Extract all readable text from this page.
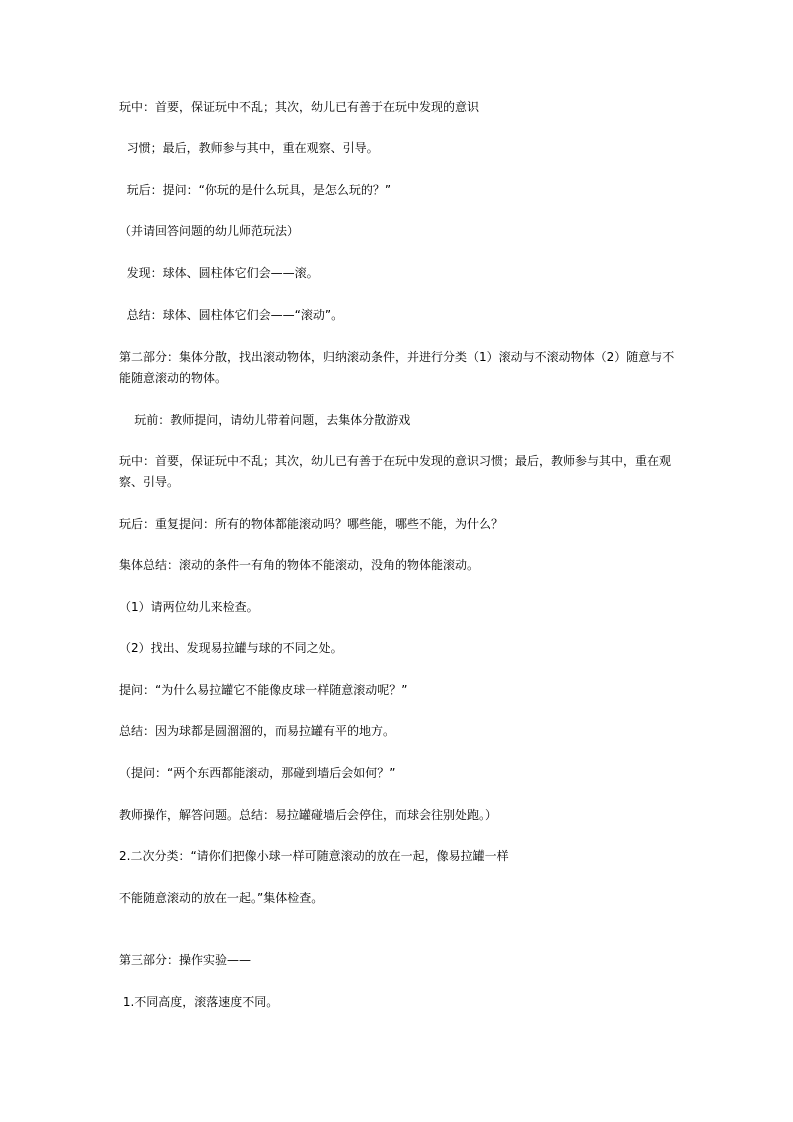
玩中：首要，保证玩中不乱；其次，幼儿已有善于在玩中发现的意识
习惯；最后，教师参与其中，重在观察、引导。
玩后：提问：“你玩的是什么玩具，是怎么玩的？”
（并请回答问题的幼儿师范玩法）
发现：球体、圆柱体它们会——滚。
总结：球体、圆柱体它们会——“滚动”。
第二部分：集体分散，找出滚动物体，归纳滚动条件，并进行分类（1）滚动与不滚动物体（2）随意与不能随意滚动的物体。
玩前：教师提问，请幼儿带着问题，去集体分散游戏
玩中：首要，保证玩中不乱；其次，幼儿已有善于在玩中发现的意识习惯；最后，教师参与其中，重在观察、引导。
玩后：重复提问：所有的物体都能滚动吗？哪些能，哪些不能，为什么？
集体总结：滚动的条件一有角的物体不能滚动，没角的物体能滚动。
（1）请两位幼儿来检查。
（2）找出、发现易拉罐与球的不同之处。
提问：“为什么易拉罐它不能像皮球一样随意滚动呢？”
总结：因为球都是圆溜溜的，而易拉罐有平的地方。
（提问：“两个东西都能滚动，那碰到墙后会如何？”
教师操作，解答问题。总结：易拉罐碰墙后会停住，而球会往别处跑。）
2.二次分类：“请你们把像小球一样可随意滚动的放在一起，像易拉罐一样
不能随意滚动的放在一起。”集体检查。
第三部分：操作实验——
1.不同高度，滚落速度不同。
